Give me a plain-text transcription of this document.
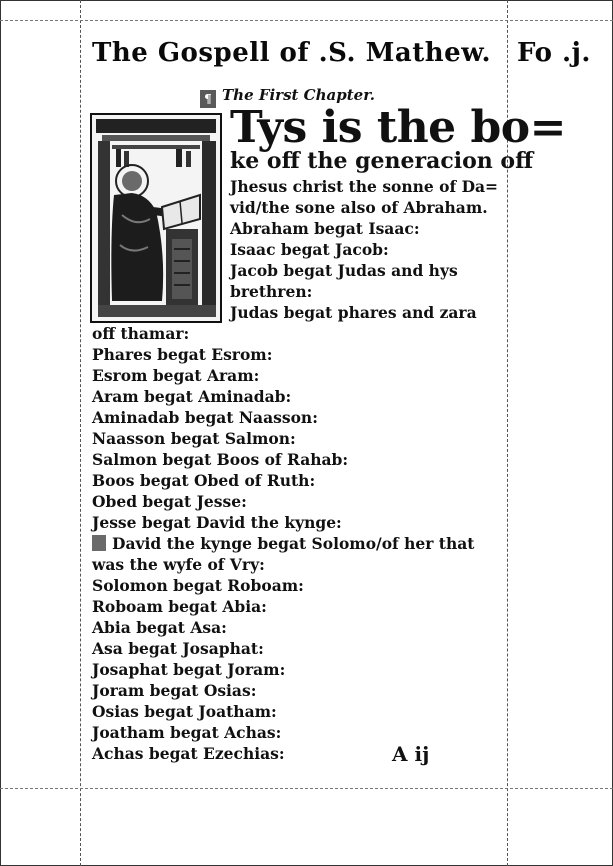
The Gospell of .S. Mathew. Fo .j.
¶ The First Chapter.
Tys is the bo=
ke off the generacion off
Jhesus christ the sonne of Da=
vid/the sone also of Abraham.
Abraham begat Isaac:
Isaac begat Jacob:
Jacob begat Judas and hys
brethren:
Judas begat phares and zara
off thamar:
Phares begat Esrom:
Esrom begat Aram:
Aram begat Aminadab:
Aminadab begat Naasson:
Naasson begat Salmon:
Salmon begat Boos of Rahab:
Boos begat Obed of Ruth:
Obed begat Jesse:
Jesse begat David the kynge:
David the kynge begat Solomo/of her that
was the wyfe of Vry:
Solomon begat Roboam:
Roboam begat Abia:
Abia begat Asa:
Asa begat Josaphat:
Josaphat begat Joram:
Joram begat Osias:
Osias begat Joatham:
Joatham begat Achas:
Achas begat Ezechias:	A ij
